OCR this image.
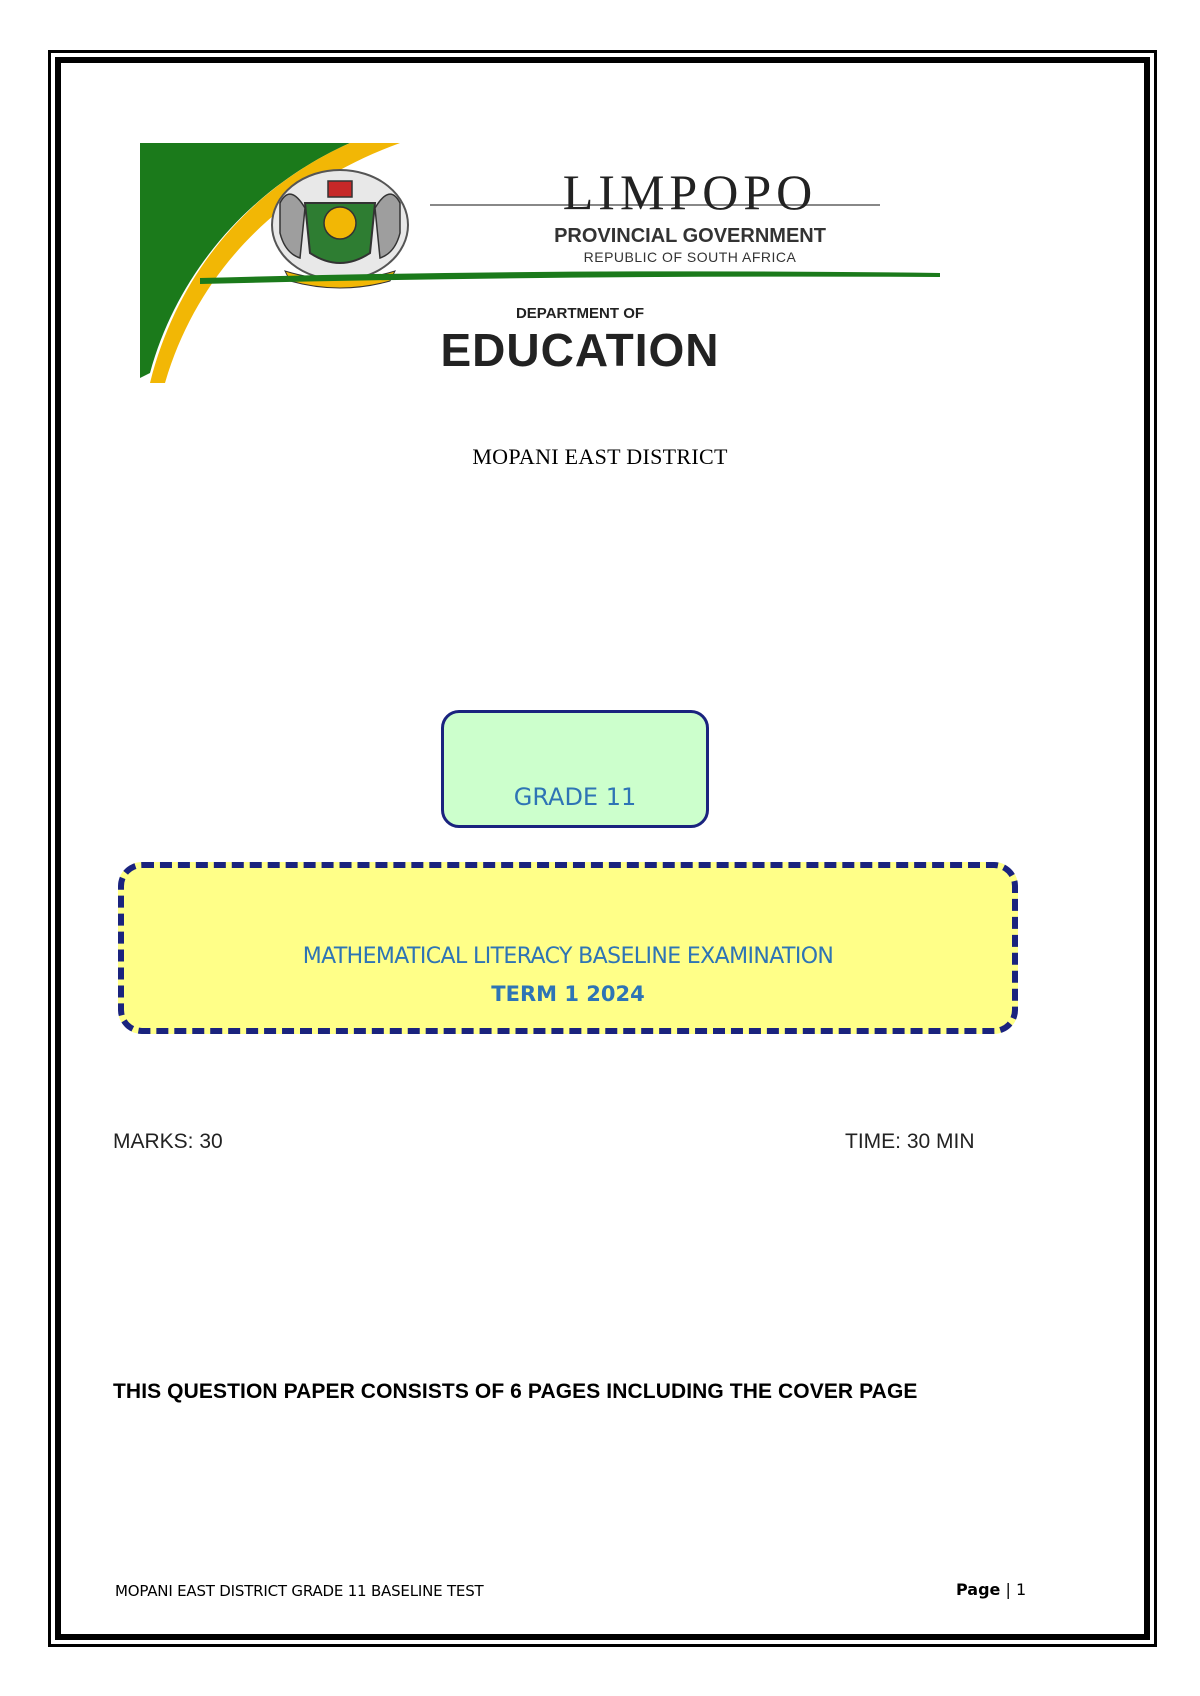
LIMPOPO
PROVINCIAL GOVERNMENT
REPUBLIC OF SOUTH AFRICA
DEPARTMENT OF
EDUCATION
MOPANI EAST DISTRICT
GRADE 11
MATHEMATICAL LITERACY BASELINE EXAMINATION
TERM 1 2024
MARKS: 30	TIME: 30 MIN
THIS QUESTION PAPER CONSISTS OF 6 PAGES INCLUDING THE COVER PAGE
MOPANI EAST DISTRICT GRADE 11 BASELINE TEST	Page | 1
